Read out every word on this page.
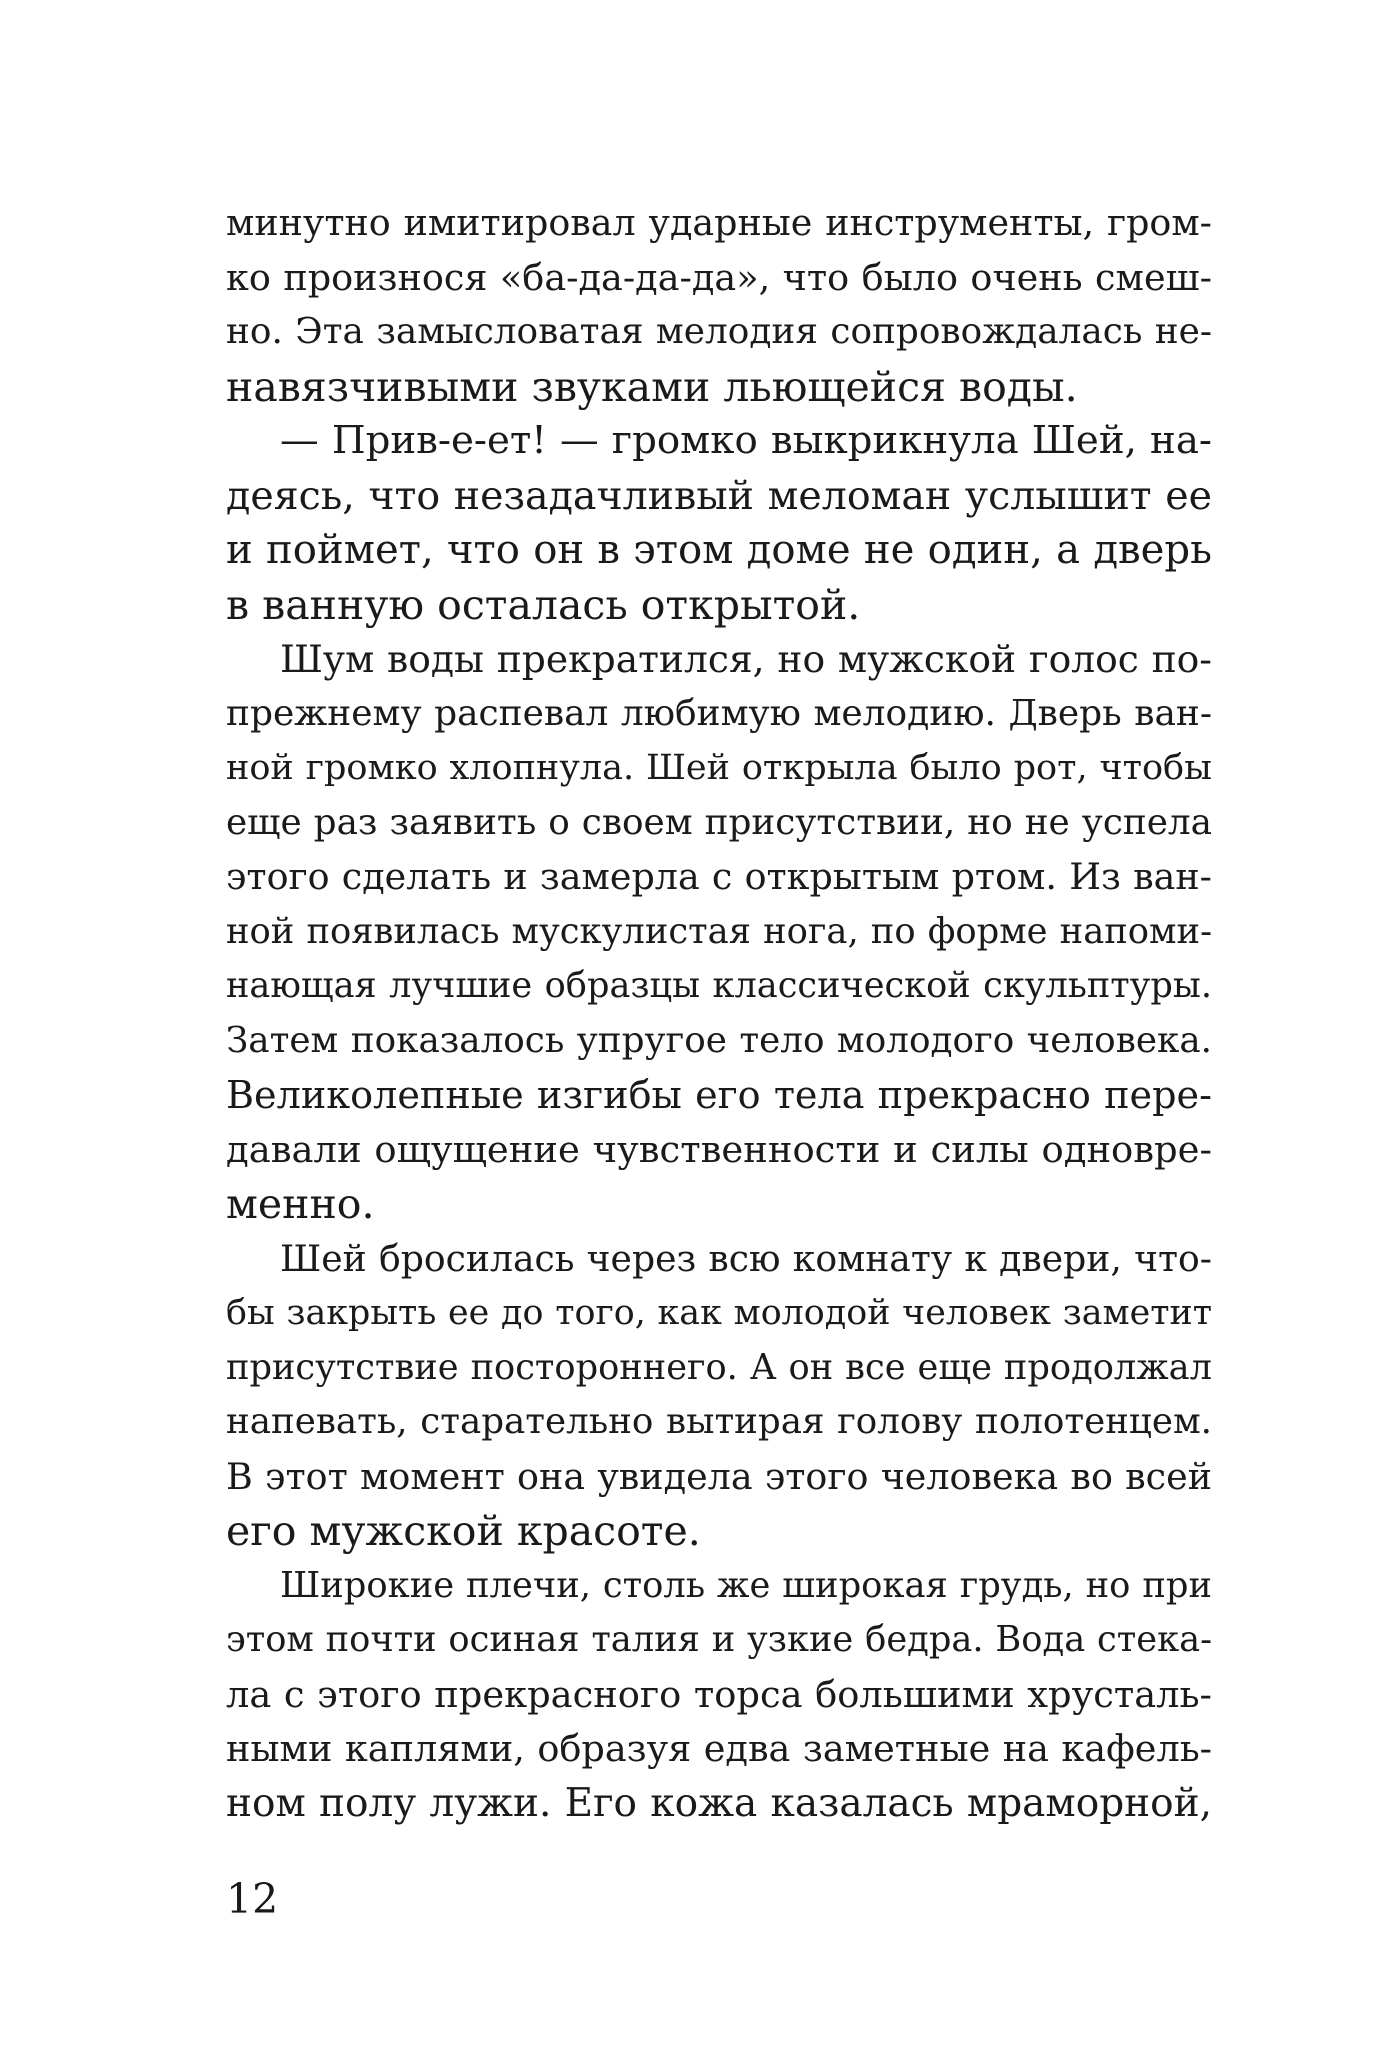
минутно имитировал ударные инструменты, гром-
ко произнося «ба-да-да-да», что было очень смеш-
но. Эта замысловатая мелодия сопровождалась не-
навязчивыми звуками льющейся воды.
— Прив-е-ет! — громко выкрикнула Шей, на-
деясь, что незадачливый меломан услышит ее
и поймет, что он в этом доме не один, а дверь
в ванную осталась открытой.
Шум воды прекратился, но мужской голос по-
прежнему распевал любимую мелодию. Дверь ван-
ной громко хлопнула. Шей открыла было рот, чтобы
еще раз заявить о своем присутствии, но не успела
этого сделать и замерла с открытым ртом. Из ван-
ной появилась мускулистая нога, по форме напоми-
нающая лучшие образцы классической скульптуры.
Затем показалось упругое тело молодого человека.
Великолепные изгибы его тела прекрасно пере-
давали ощущение чувственности и силы одновре-
менно.
Шей бросилась через всю комнату к двери, что-
бы закрыть ее до того, как молодой человек заметит
присутствие постороннего. А он все еще продолжал
напевать, старательно вытирая голову полотенцем.
В этот момент она увидела этого человека во всей
его мужской красоте.
Широкие плечи, столь же широкая грудь, но при
этом почти осиная талия и узкие бедра. Вода стека-
ла с этого прекрасного торса большими хрусталь-
ными каплями, образуя едва заметные на кафель-
ном полу лужи. Его кожа казалась мраморной,
12
